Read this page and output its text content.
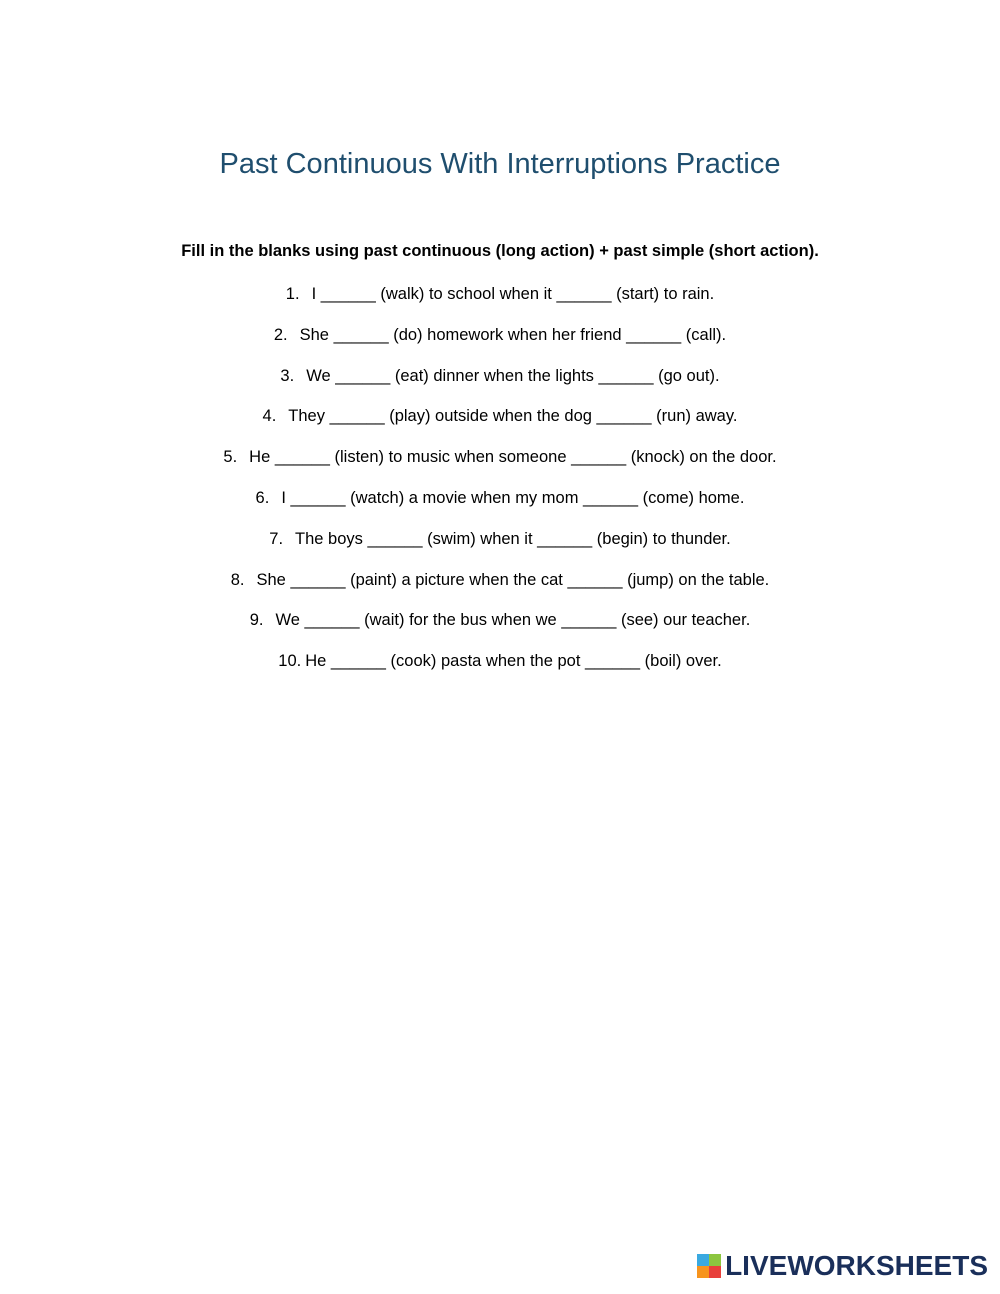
Past Continuous With Interruptions Practice

Fill in the blanks using past continuous (long action) + past simple (short action).

1. I ______ (walk) to school when it ______ (start) to rain.
2. She ______ (do) homework when her friend ______ (call).
3. We ______ (eat) dinner when the lights ______ (go out).
4. They ______ (play) outside when the dog ______ (run) away.
5. He ______ (listen) to music when someone ______ (knock) on the door.
6. I ______ (watch) a movie when my mom ______ (come) home.
7. The boys ______ (swim) when it ______ (begin) to thunder.
8. She ______ (paint) a picture when the cat ______ (jump) on the table.
9. We ______ (wait) for the bus when we ______ (see) our teacher.
10. He ______ (cook) pasta when the pot ______ (boil) over.
LIVEWORKSHEETS
